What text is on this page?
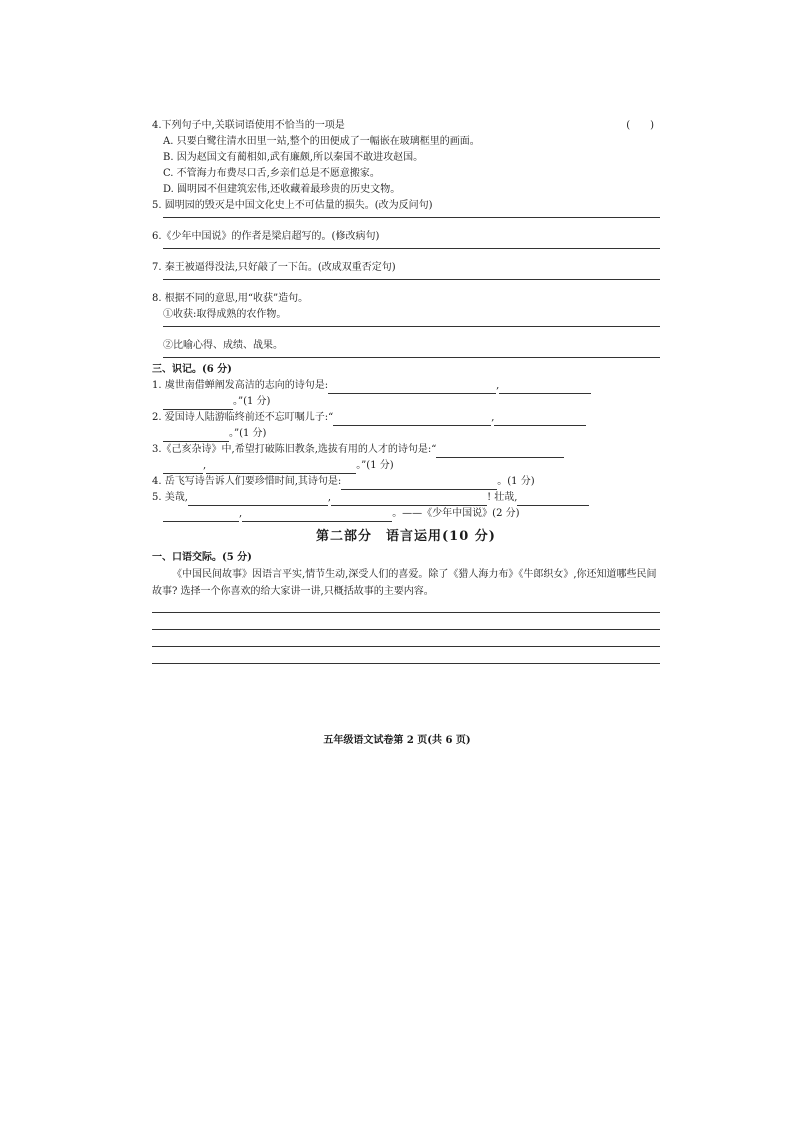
4.下列句子中,关联词语使用不恰当的一项是	(　　)

A. 只要白鹭往清水田里一站,整个的田便成了一幅嵌在玻璃框里的画面。

B. 因为赵国文有蔺相如,武有廉颇,所以秦国不敢进攻赵国。

C. 不管海力布费尽口舌,乡亲们总是不愿意搬家。

D. 圆明园不但建筑宏伟,还收藏着最珍贵的历史文物。

5. 圆明园的毁灭是中国文化史上不可估量的损失。(改为反问句)

6.《少年中国说》的作者是梁启超写的。(修改病句)

7. 秦王被逼得没法,只好敲了一下缶。(改成双重否定句)

8. 根据不同的意思,用“收获”造句。

①收获:取得成熟的农作物。

②比喻心得、成绩、战果。

三、识记。(6 分)

1. 虞世南借蝉阐发高洁的志向的诗句是:	,

。”(1 分)

2. 爱国诗人陆游临终前还不忘叮嘱儿子:“	,

。”(1 分)

3.《己亥杂诗》中,希望打破陈旧教条,选拔有用的人才的诗句是:“

,	。”(1 分)

4. 岳飞写诗告诉人们要珍惜时间,其诗句是:	。(1 分)

5. 美哉,	,	! 壮哉,

,	。——《少年中国说》(2 分)

第二部分　语言运用(10 分)

一、口语交际。(5 分)

《中国民间故事》因语言平实,情节生动,深受人们的喜爱。除了《猎人海力布》《牛郎织女》,你还知道哪些民间故事? 选择一个你喜欢的给大家讲一讲,只概括故事的主要内容。

五年级语文试卷第 2 页(共 6 页)
